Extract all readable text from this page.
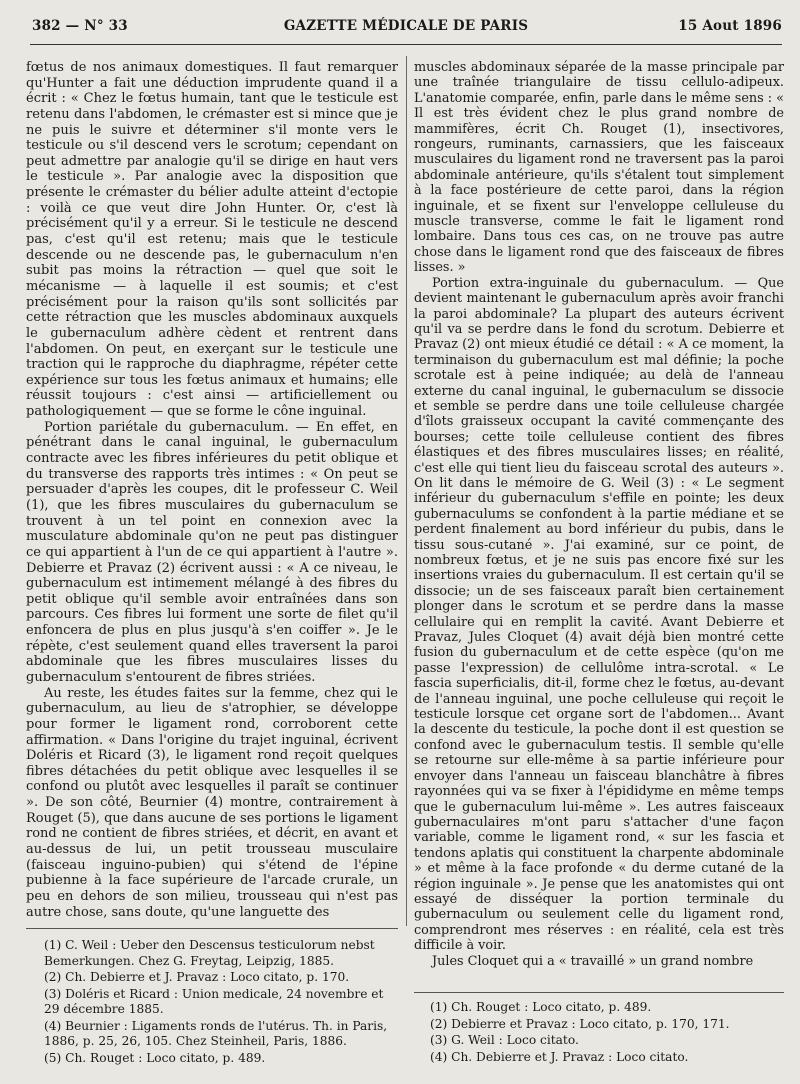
382 — N° 33	GAZETTE MÉDICALE DE PARIS	15 Aout 1896

fœtus de nos animaux domestiques. Il faut remarquer qu'Hunter a fait une déduction imprudente quand il a écrit : « Chez le fœtus humain, tant que le testicule est retenu dans l'abdomen, le crémaster est si mince que je ne puis le suivre et déterminer s'il monte vers le testicule ou s'il descend vers le scrotum; cependant on peut admettre par analogie qu'il se dirige en haut vers le testicule ». Par analogie avec la disposition que présente le crémaster du bélier adulte atteint d'ectopie : voilà ce que veut dire John Hunter. Or, c'est là précisément qu'il y a erreur. Si le testicule ne descend pas, c'est qu'il est retenu; mais que le testicule descende ou ne descende pas, le gubernaculum n'en subit pas moins la rétraction — quel que soit le mécanisme — à laquelle il est soumis; et c'est précisément pour la raison qu'ils sont sollicités par cette rétraction que les muscles abdominaux auxquels le gubernaculum adhère cèdent et rentrent dans l'abdomen. On peut, en exerçant sur le testicule une traction qui le rapproche du diaphragme, répéter cette expérience sur tous les fœtus animaux et humains; elle réussit toujours : c'est ainsi — artificiellement ou pathologiquement — que se forme le cône inguinal.

Portion pariétale du gubernaculum. — En effet, en pénétrant dans le canal inguinal, le gubernaculum contracte avec les fibres inférieures du petit oblique et du transverse des rapports très intimes : « On peut se persuader d'après les coupes, dit le professeur C. Weil (1), que les fibres musculaires du gubernaculum se trouvent à un tel point en connexion avec la musculature abdominale qu'on ne peut pas distinguer ce qui appartient à l'un de ce qui appartient à l'autre ». Debierre et Pravaz (2) écrivent aussi : « A ce niveau, le gubernaculum est intimement mélangé à des fibres du petit oblique qu'il semble avoir entraînées dans son parcours. Ces fibres lui forment une sorte de filet qu'il enfoncera de plus en plus jusqu'à s'en coiffer ». Je le répète, c'est seulement quand elles traversent la paroi abdominale que les fibres musculaires lisses du gubernaculum s'entourent de fibres striées.

Au reste, les études faites sur la femme, chez qui le gubernaculum, au lieu de s'atrophier, se développe pour former le ligament rond, corroborent cette affirmation. « Dans l'origine du trajet inguinal, écrivent Doléris et Ricard (3), le ligament rond reçoit quelques fibres détachées du petit oblique avec lesquelles il se confond ou plutôt avec lesquelles il paraît se continuer ». De son côté, Beurnier (4) montre, contrairement à Rouget (5), que dans aucune de ses portions le ligament rond ne contient de fibres striées, et décrit, en avant et au-dessus de lui, un petit trousseau musculaire (faisceau inguino-pubien) qui s'étend de l'épine pubienne à la face supérieure de l'arcade crurale, un peu en dehors de son milieu, trousseau qui n'est pas autre chose, sans doute, qu'une languette des

muscles abdominaux séparée de la masse principale par une traînée triangulaire de tissu cellulo-adipeux. L'anatomie comparée, enfin, parle dans le même sens : « Il est très évident chez le plus grand nombre de mammifères, écrit Ch. Rouget (1), insectivores, rongeurs, ruminants, carnassiers, que les faisceaux musculaires du ligament rond ne traversent pas la paroi abdominale antérieure, qu'ils s'étalent tout simplement à la face postérieure de cette paroi, dans la région inguinale, et se fixent sur l'enveloppe celluleuse du muscle transverse, comme le fait le ligament rond lombaire. Dans tous ces cas, on ne trouve pas autre chose dans le ligament rond que des faisceaux de fibres lisses. »

Portion extra-inguinale du gubernaculum. — Que devient maintenant le gubernaculum après avoir franchi la paroi abdominale? La plupart des auteurs écrivent qu'il va se perdre dans le fond du scrotum. Debierre et Pravaz (2) ont mieux étudié ce détail : « A ce moment, la terminaison du gubernaculum est mal définie; la poche scrotale est à peine indiquée; au delà de l'anneau externe du canal inguinal, le gubernaculum se dissocie et semble se perdre dans une toile celluleuse chargée d'îlots graisseux occupant la cavité commençante des bourses; cette toile celluleuse contient des fibres élastiques et des fibres musculaires lisses; en réalité, c'est elle qui tient lieu du faisceau scrotal des auteurs ». On lit dans le mémoire de G. Weil (3) : « Le segment inférieur du gubernaculum s'effile en pointe; les deux gubernaculums se confondent à la partie médiane et se perdent finalement au bord inférieur du pubis, dans le tissu sous-cutané ». J'ai examiné, sur ce point, de nombreux fœtus, et je ne suis pas encore fixé sur les insertions vraies du gubernaculum. Il est certain qu'il se dissocie; un de ses faisceaux paraît bien certainement plonger dans le scrotum et se perdre dans la masse cellulaire qui en remplit la cavité. Avant Debierre et Pravaz, Jules Cloquet (4) avait déjà bien montré cette fusion du gubernaculum et de cette espèce (qu'on me passe l'expression) de cellulôme intra-scrotal. « Le fascia superficialis, dit-il, forme chez le fœtus, au-devant de l'anneau inguinal, une poche celluleuse qui reçoit le testicule lorsque cet organe sort de l'abdomen... Avant la descente du testicule, la poche dont il est question se confond avec le gubernaculum testis. Il semble qu'elle se retourne sur elle-même à sa partie inférieure pour envoyer dans l'anneau un faisceau blanchâtre à fibres rayonnées qui va se fixer à l'épididyme en même temps que le gubernaculum lui-même ». Les autres faisceaux gubernaculaires m'ont paru s'attacher d'une façon variable, comme le ligament rond, « sur les fascia et tendons aplatis qui constituent la charpente abdominale » et même à la face profonde « du derme cutané de la région inguinale ». Je pense que les anatomistes qui ont essayé de disséquer la portion terminale du gubernaculum ou seulement celle du ligament rond, comprendront mes réserves : en réalité, cela est très difficile à voir.

Jules Cloquet qui a « travaillé » un grand nombre

(1) C. Weil : Ueber den Descensus testiculorum nebst Bemerkungen. Chez G. Freytag, Leipzig, 1885.
(2) Ch. Debierre et J. Pravaz : Loco citato, p. 170.
(3) Doléris et Ricard : Union medicale, 24 novembre et 29 décembre 1885.
(4) Beurnier : Ligaments ronds de l'utérus. Th. in Paris, 1886, p. 25, 26, 105. Chez Steinheil, Paris, 1886.
(5) Ch. Rouget : Loco citato, p. 489.
(1) Ch. Rouget : Loco citato, p. 489.
(2) Debierre et Pravaz : Loco citato, p. 170, 171.
(3) G. Weil : Loco citato.
(4) Ch. Debierre et J. Pravaz : Loco citato.
